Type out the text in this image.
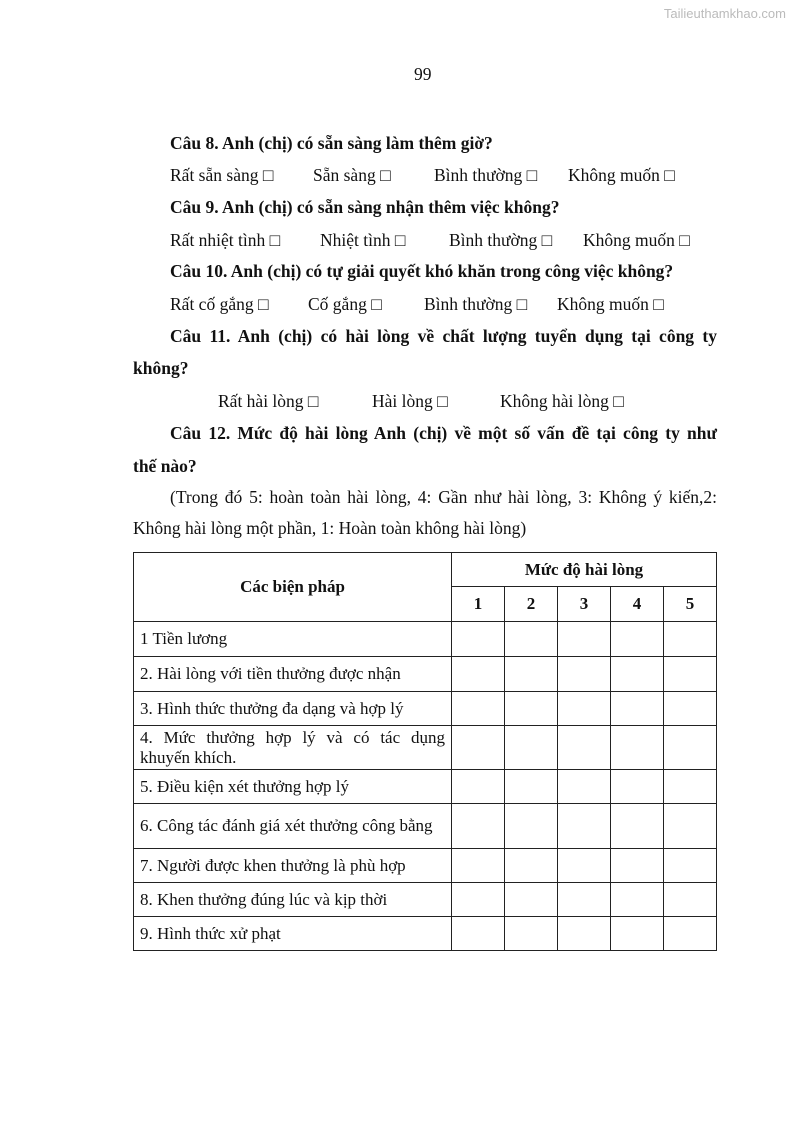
Tailieuthamkhao.com
99
Câu 8. Anh (chị) có sẵn sàng làm thêm giờ?
Rất sẵn sàng □ Sẵn sàng □ Bình thường □ Không muốn □
Câu 9. Anh (chị) có sẵn sàng nhận thêm việc không?
Rất nhiệt tình □ Nhiệt tình □ Bình thường □ Không muốn □
Câu 10. Anh (chị) có tự giải quyết khó khăn trong công việc không?
Rất cố gắng □ Cố gắng □ Bình thường □ Không muốn □
Câu 11. Anh (chị) có hài lòng về chất lượng tuyển dụng tại công ty
không?
Rất hài lòng □	Hài lòng □	Không hài lòng □
Câu 12. Mức độ hài lòng Anh (chị) về một số vấn đề tại công ty như
thế nào?
(Trong đó 5: hoàn toàn hài lòng, 4: Gần như hài lòng, 3: Không ý kiến,2:
Không hài lòng một phần, 1: Hoàn toàn không hài lòng)
Các biện pháp	Mức độ hài lòng				
	1	2	3	4	5
1 Tiền lương					
2. Hài lòng với tiền thưởng được nhận					
3. Hình thức thưởng đa dạng và hợp lý					
4. Mức thưởng hợp lý và có tác dụng khuyến khích.					
5. Điều kiện xét thưởng hợp lý					
6. Công tác đánh giá xét thưởng công bằng					
7. Người được khen thưởng là phù hợp					
8. Khen thưởng đúng lúc và kịp thời					
9. Hình thức xử phạt					
